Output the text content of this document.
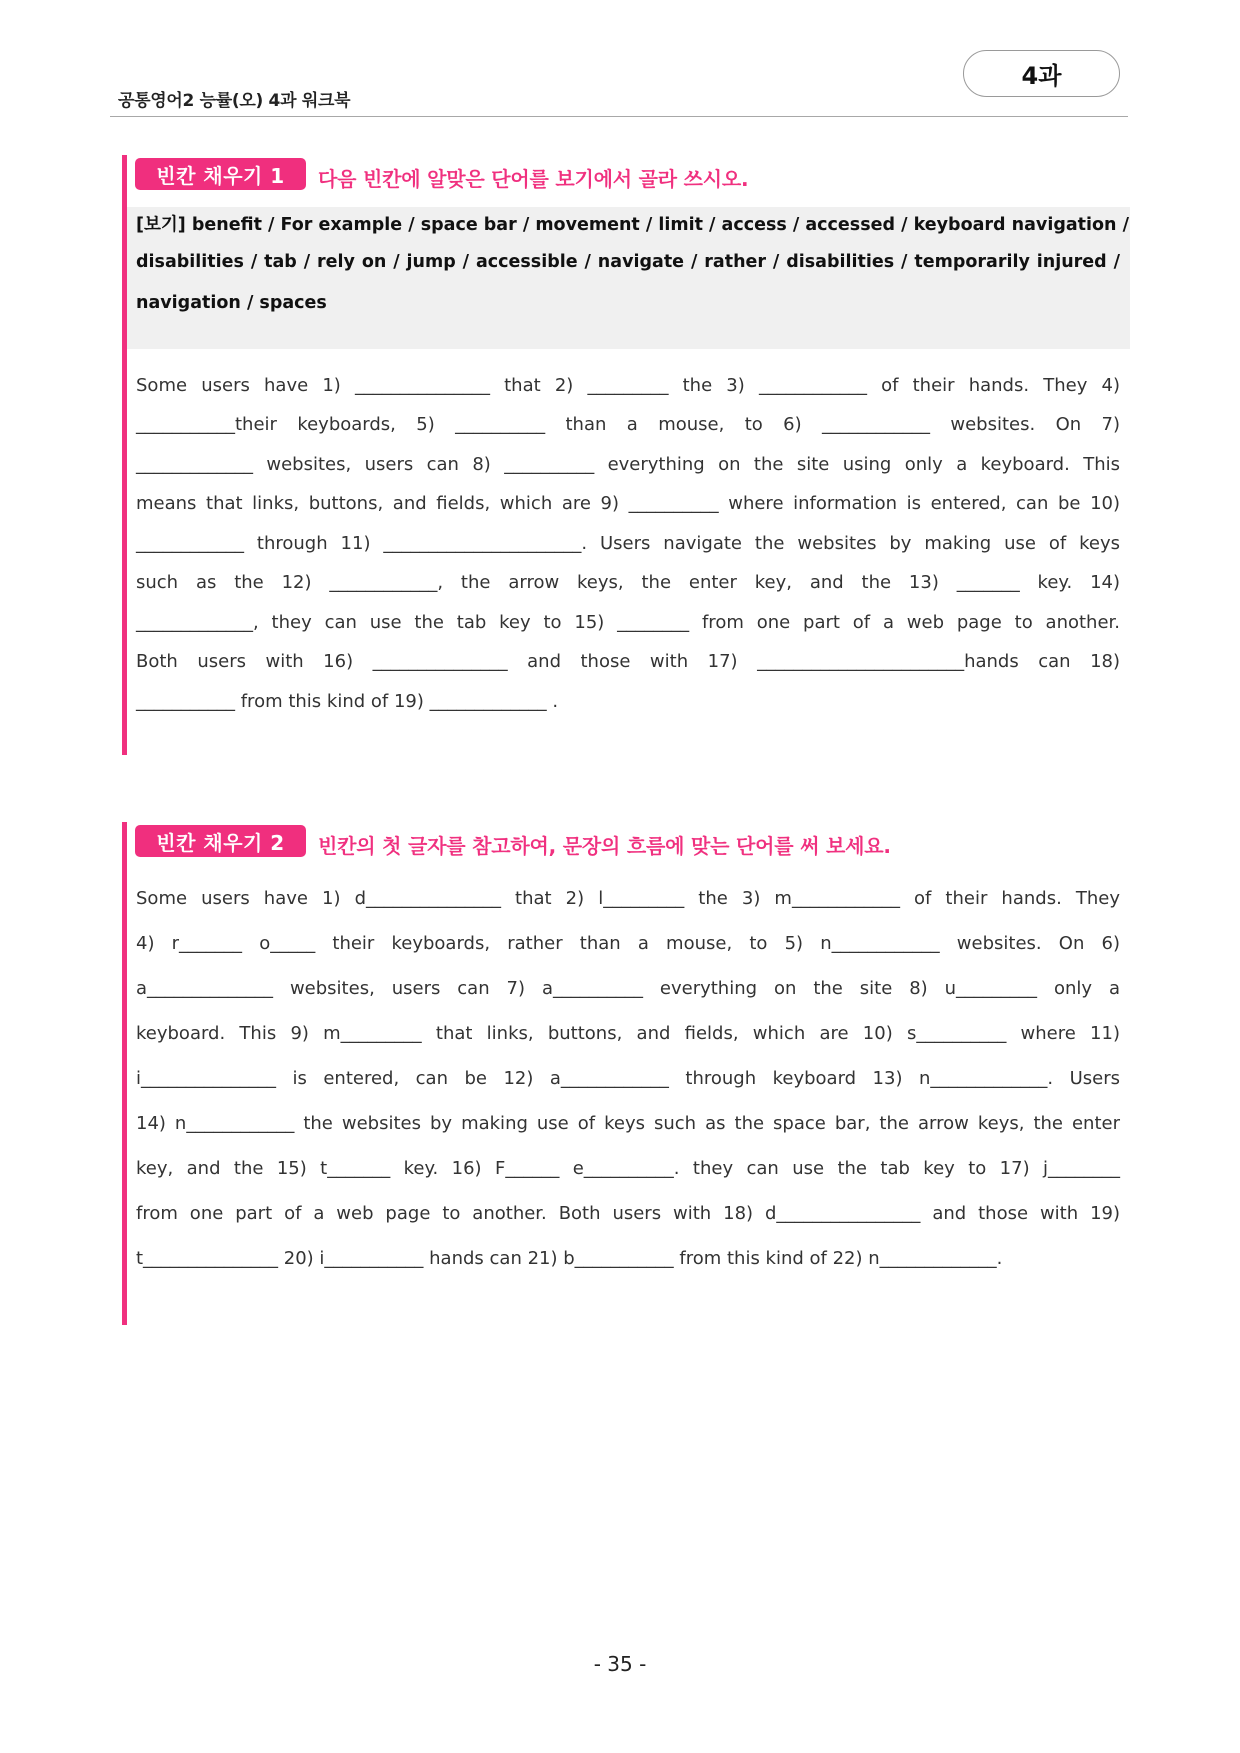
공통영어2 능률(오) 4과 워크북
4과
빈칸 채우기 1	다음 빈칸에 알맞은 단어를 보기에서 골라 쓰시오.
[보기] benefit / For example / space bar / movement / limit / access / accessed / keyboard navigation /
disabilities / tab / rely on / jump / accessible / navigate / rather / disabilities / temporarily injured /
navigation / spaces
Some users have 1) _______________ that 2) _________ the 3) ____________ of their hands. They 4)
___________their keyboards, 5) __________ than a mouse, to 6) ____________ websites. On 7)
_____________ websites, users can 8) __________ everything on the site using only a keyboard. This
means that links, buttons, and fields, which are 9) __________ where information is entered, can be 10)
____________ through 11) ______________________. Users navigate the websites by making use of keys
such as the 12) ____________, the arrow keys, the enter key, and the 13) _______ key. 14)
_____________, they can use the tab key to 15) ________ from one part of a web page to another.
Both users with 16) _______________ and those with 17) _______________________hands can 18)
___________ from this kind of 19) _____________ .
빈칸 채우기 2	빈칸의 첫 글자를 참고하여, 문장의 흐름에 맞는 단어를 써 보세요.
Some users have 1) d_______________ that 2) l_________ the 3) m____________ of their hands. They
4) r_______ o_____ their keyboards, rather than a mouse, to 5) n____________ websites. On 6)
a______________ websites, users can 7) a__________ everything on the site 8) u_________ only a
keyboard. This 9) m_________ that links, buttons, and fields, which are 10) s__________ where 11)
i_______________ is entered, can be 12) a____________ through keyboard 13) n_____________. Users
14) n____________ the websites by making use of keys such as the space bar, the arrow keys, the enter
key, and the 15) t_______ key. 16) F______ e__________. they can use the tab key to 17) j________
from one part of a web page to another. Both users with 18) d________________ and those with 19)
t_______________ 20) i___________ hands can 21) b___________ from this kind of 22) n_____________.
- 35 -
